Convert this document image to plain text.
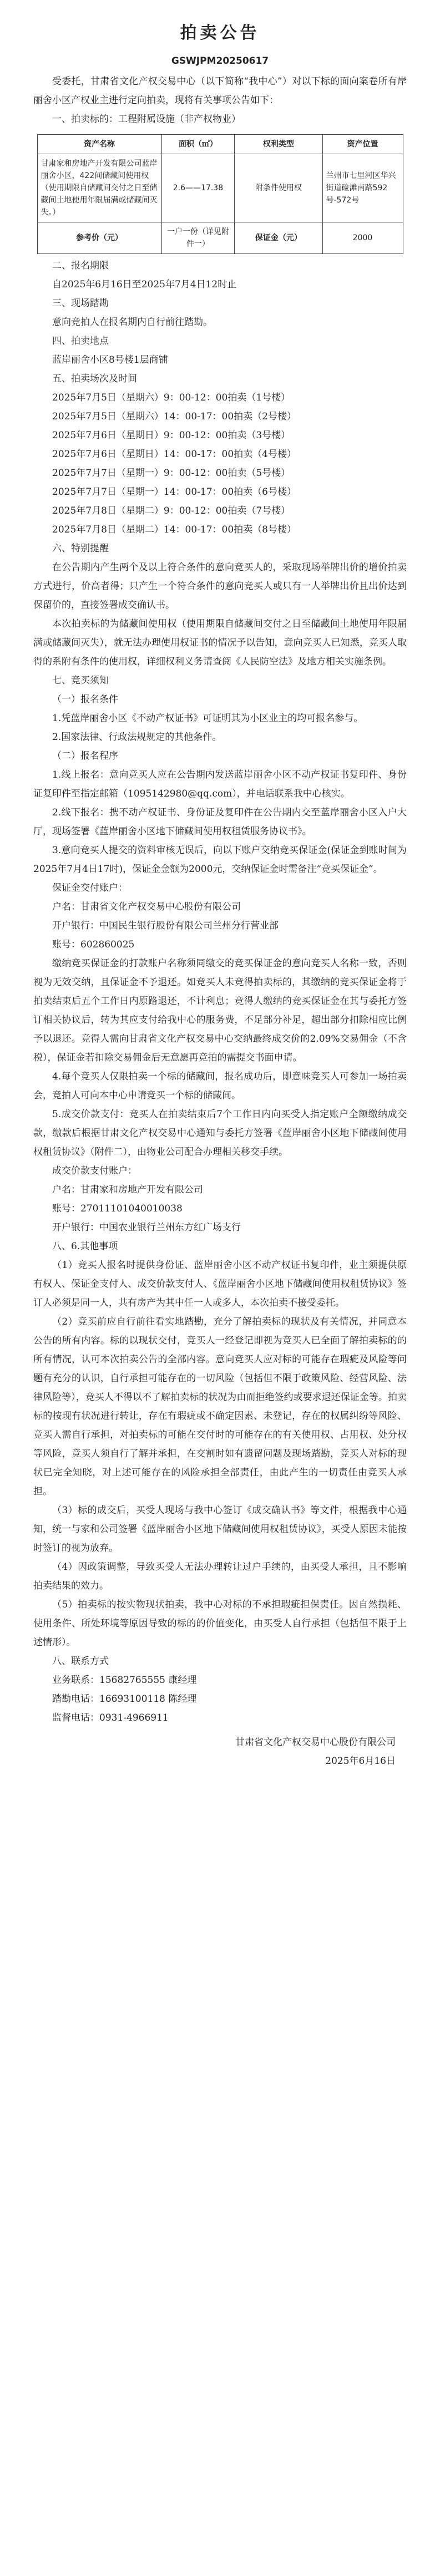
拍卖公告
GSWJPM20250617
受委托，甘肃省文化产权交易中心（以下简称“我中心”）对以下标的面向案卷所有岸丽舍小区产权业主进行定向拍卖，现将有关事项公告如下：
一、拍卖标的：工程附属设施（非产权物业）
资产名称	面积（㎡）	权利类型	资产位置
甘肃家和房地产开发有限公司蓝岸丽舍小区，422间储藏间使用权（使用期限自储藏间交付之日至储藏间土地使用年限届满或储藏间灭失。）	2.6——17.38	附条件使用权	兰州市七里河区华兴街道硷滩南路592号-572号
参考价（元）	一户一份（详见附件一）	保证金（元）	2000
二、报名期限
自2025年6月16日至2025年7月4日12时止
三、现场踏勘
意向竞拍人在报名期内自行前往踏勘。
四、拍卖地点
蓝岸丽舍小区8号楼1层商铺
五、拍卖场次及时间
2025年7月5日（星期六）9：00-12：00拍卖（1号楼）
2025年7月5日（星期六）14：00-17：00拍卖（2号楼）
2025年7月6日（星期日）9：00-12：00拍卖（3号楼）
2025年7月6日（星期日）14：00-17：00拍卖（4号楼）
2025年7月7日（星期一）9：00-12：00拍卖（5号楼）
2025年7月7日（星期一）14：00-17：00拍卖（6号楼）
2025年7月8日（星期二）9：00-12：00拍卖（7号楼）
2025年7月8日（星期二）14：00-17：00拍卖（8号楼）
六、特别提醒
在公告期内产生两个及以上符合条件的意向竞买人的，采取现场举牌出价的增价拍卖方式进行，价高者得；只产生一个符合条件的意向竞买人或只有一人举牌出价且出价达到保留价的，直接签署成交确认书。
本次拍卖标的为储藏间使用权（使用期限自储藏间交付之日至储藏间土地使用年限届满或储藏间灭失），就无法办理使用权证书的情况予以告知，意向竞买人已知悉，竞买人取得的系附有条件的使用权，详细权利义务请查阅《人民防空法》及地方相关实施条例。
七、竞买须知
（一）报名条件
1.凭蓝岸丽舍小区《不动产权证书》可证明其为小区业主的均可报名参与。
2.国家法律、行政法规规定的其他条件。
（二）报名程序
1.线上报名：意向竞买人应在公告期内发送蓝岸丽舍小区不动产权证书复印件、身份证复印件至指定邮箱（1095142980@qq.com），并电话联系我中心核实。
2.线下报名：携不动产权证书、身份证及复印件在公告期内交至蓝岸丽舍小区入户大厅，现场签署《蓝岸丽舍小区地下储藏间使用权租赁服务协议书》。
3.意向竞买人提交的资料审核无误后，向以下账户交纳竞买保证金(保证金到账时间为2025年7月4日17时)，保证金金额为2000元，交纳保证金时需备注“竞买保证金”。
保证金交付账户：
户名：甘肃省文化产权交易中心股份有限公司
开户银行：中国民生银行股份有限公司兰州分行营业部
账号：602860025
缴纳竞买保证金的打款账户名称须同缴交的竞买保证金的意向竞买人名称一致，否则视为无效交纳，且保证金不予退还。如竞买人未竞得拍卖标的，其缴纳的竞买保证金将于拍卖结束后五个工作日内原路退还，不计利息；竞得人缴纳的竞买保证金在其与委托方签订相关协议后，转为其应支付给我中心的服务费，不足部分补足，超出部分扣除相应比例予以退还。竞得人需向甘肃省文化产权交易中心交纳最终成交价的2.09%交易佣金（不含税），保证金若扣除交易佣金后无意愿再竞拍的需提交书面申请。
4.每个竞买人仅限拍卖一个标的储藏间，报名成功后，即意味竞买人可参加一场拍卖会，竞拍人可向本中心申请竞买一个标的储藏间。
5.成交价款支付：竞买人在拍卖结束后7个工作日内向买受人指定账户全额缴纳成交款，缴款后根据甘肃文化产权交易中心通知与委托方签署《蓝岸丽舍小区地下储藏间使用权租赁协议》（附件二），由物业公司配合办理相关移交手续。
成交价款支付账户：
户名：甘肃家和房地产开发有限公司
账号：27011101040010038
开户银行：中国农业银行兰州东方红广场支行
八、6.其他事项
（1）竞买人报名时提供身份证、蓝岸丽舍小区不动产权证书复印件，业主须提供原有权人、保证金支付人、成交价款支付人、《蓝岸丽舍小区地下储藏间使用权租赁协议》签订人必须是同一人，共有房产为其中任一人或多人，本次拍卖不接受委托。
（2）竞买前应自行前往看实地踏勘，充分了解拍卖标的现状及有关情况，并同意本公告的所有内容。标的以现状交付，竞买人一经登记即视为竞买人已全面了解拍卖标的的所有情况，认可本次拍卖公告的全部内容。意向竞买人应对标的可能存在瑕疵及风险等问题有充分的认识，自行承担可能存在的一切风险（包括但不限于政策风险、经营风险、法律风险等），竞买人不得以不了解拍卖标的状况为由而拒绝签约或要求退还保证金等。拍卖标的按现有状况进行转让，存在有瑕疵或不确定因素、未登记，存在的权属纠纷等风险、竞买人需自行承担，对拍卖标的可能在交付时的可能存在的有关使用权、占用权、处分权等风险，竞买人须自行了解并承担，在交割时如有遗留问题及现场踏勘，竞买人对标的现状已完全知晓，对上述可能存在的风险承担全部责任，由此产生的一切责任由竞买人承担。
（3）标的成交后，买受人现场与我中心签订《成交确认书》等文件，根据我中心通知，统一与家和公司签署《蓝岸丽舍小区地下储藏间使用权租赁协议》，买受人原因未能按时签订的视为放弃。
（4）因政策调整，导致买受人无法办理转让过户手续的，由买受人承担，且不影响拍卖结果的效力。
（5）拍卖标的按实物现状拍卖，我中心对标的不承担瑕疵担保责任。因自然损耗、使用条件、所处环境等原因导致的标的的价值变化，由买受人自行承担（包括但不限于上述情形）。
八、联系方式
业务联系：15682765555 康经理
踏勘电话：16693100118 陈经理
监督电话：0931-4966911
甘肃省文化产权交易中心股份有限公司
2025年6月16日
